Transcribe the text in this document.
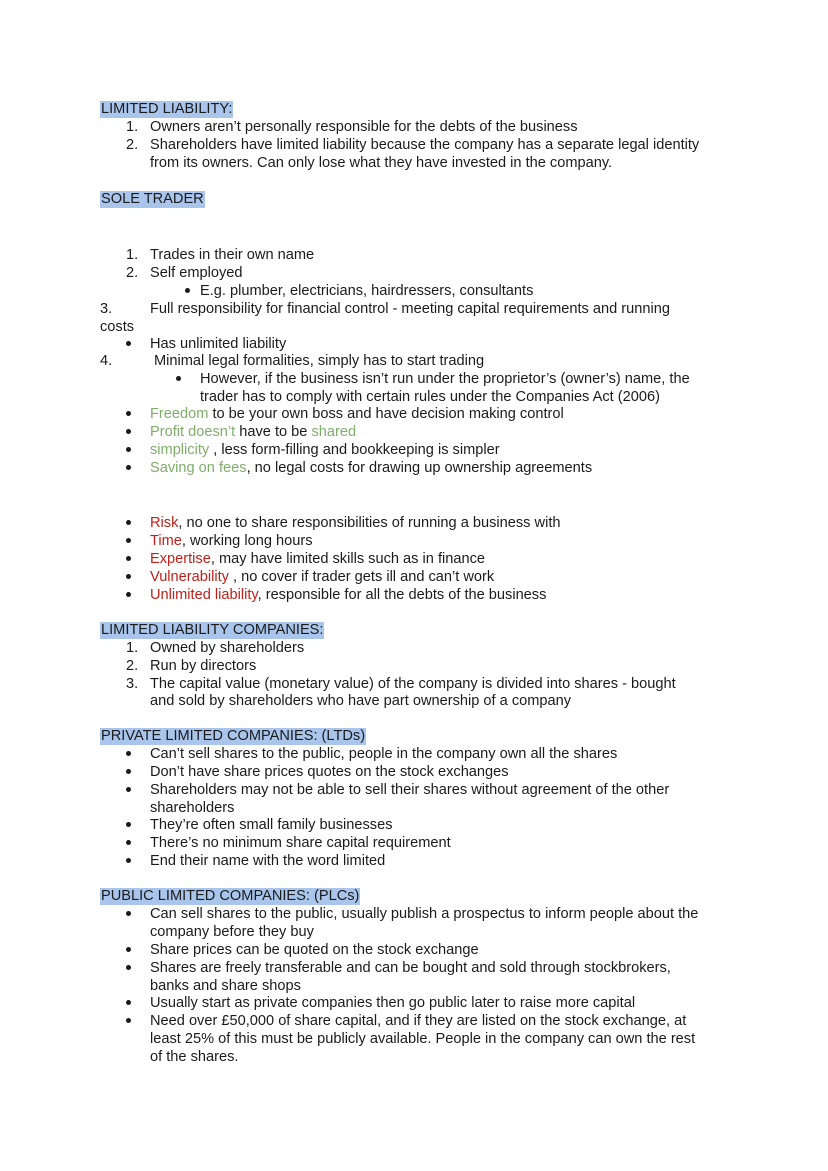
LIMITED LIABILITY:
1. Owners aren’t personally responsible for the debts of the business
2. Shareholders have limited liability because the company has a separate legal identity
from its owners. Can only lose what they have invested in the company.
SOLE TRADER
1. Trades in their own name
2. Self employed
E.g. plumber, electricians, hairdressers, consultants
3.	Full responsibility for financial control - meeting capital requirements and running
costs
Has unlimited liability
4.	Minimal legal formalities, simply has to start trading
However, if the business isn’t run under the proprietor’s (owner’s) name, the
trader has to comply with certain rules under the Companies Act (2006)
Freedom to be your own boss and have decision making control
Profit doesn’t have to be shared
simplicity , less form-filling and bookkeeping is simpler
Saving on fees, no legal costs for drawing up ownership agreements
Risk, no one to share responsibilities of running a business with
Time, working long hours
Expertise, may have limited skills such as in finance
Vulnerability , no cover if trader gets ill and can’t work
Unlimited liability, responsible for all the debts of the business
LIMITED LIABILITY COMPANIES:
1. Owned by shareholders
2. Run by directors
3. The capital value (monetary value) of the company is divided into shares - bought
and sold by shareholders who have part ownership of a company
PRIVATE LIMITED COMPANIES: (LTDs)
Can’t sell shares to the public, people in the company own all the shares
Don’t have share prices quotes on the stock exchanges
Shareholders may not be able to sell their shares without agreement of the other
shareholders
They’re often small family businesses
There’s no minimum share capital requirement
End their name with the word limited
PUBLIC LIMITED COMPANIES: (PLCs)
Can sell shares to the public, usually publish a prospectus to inform people about the
company before they buy
Share prices can be quoted on the stock exchange
Shares are freely transferable and can be bought and sold through stockbrokers,
banks and share shops
Usually start as private companies then go public later to raise more capital
Need over £50,000 of share capital, and if they are listed on the stock exchange, at
least 25% of this must be publicly available. People in the company can own the rest
of the shares.
